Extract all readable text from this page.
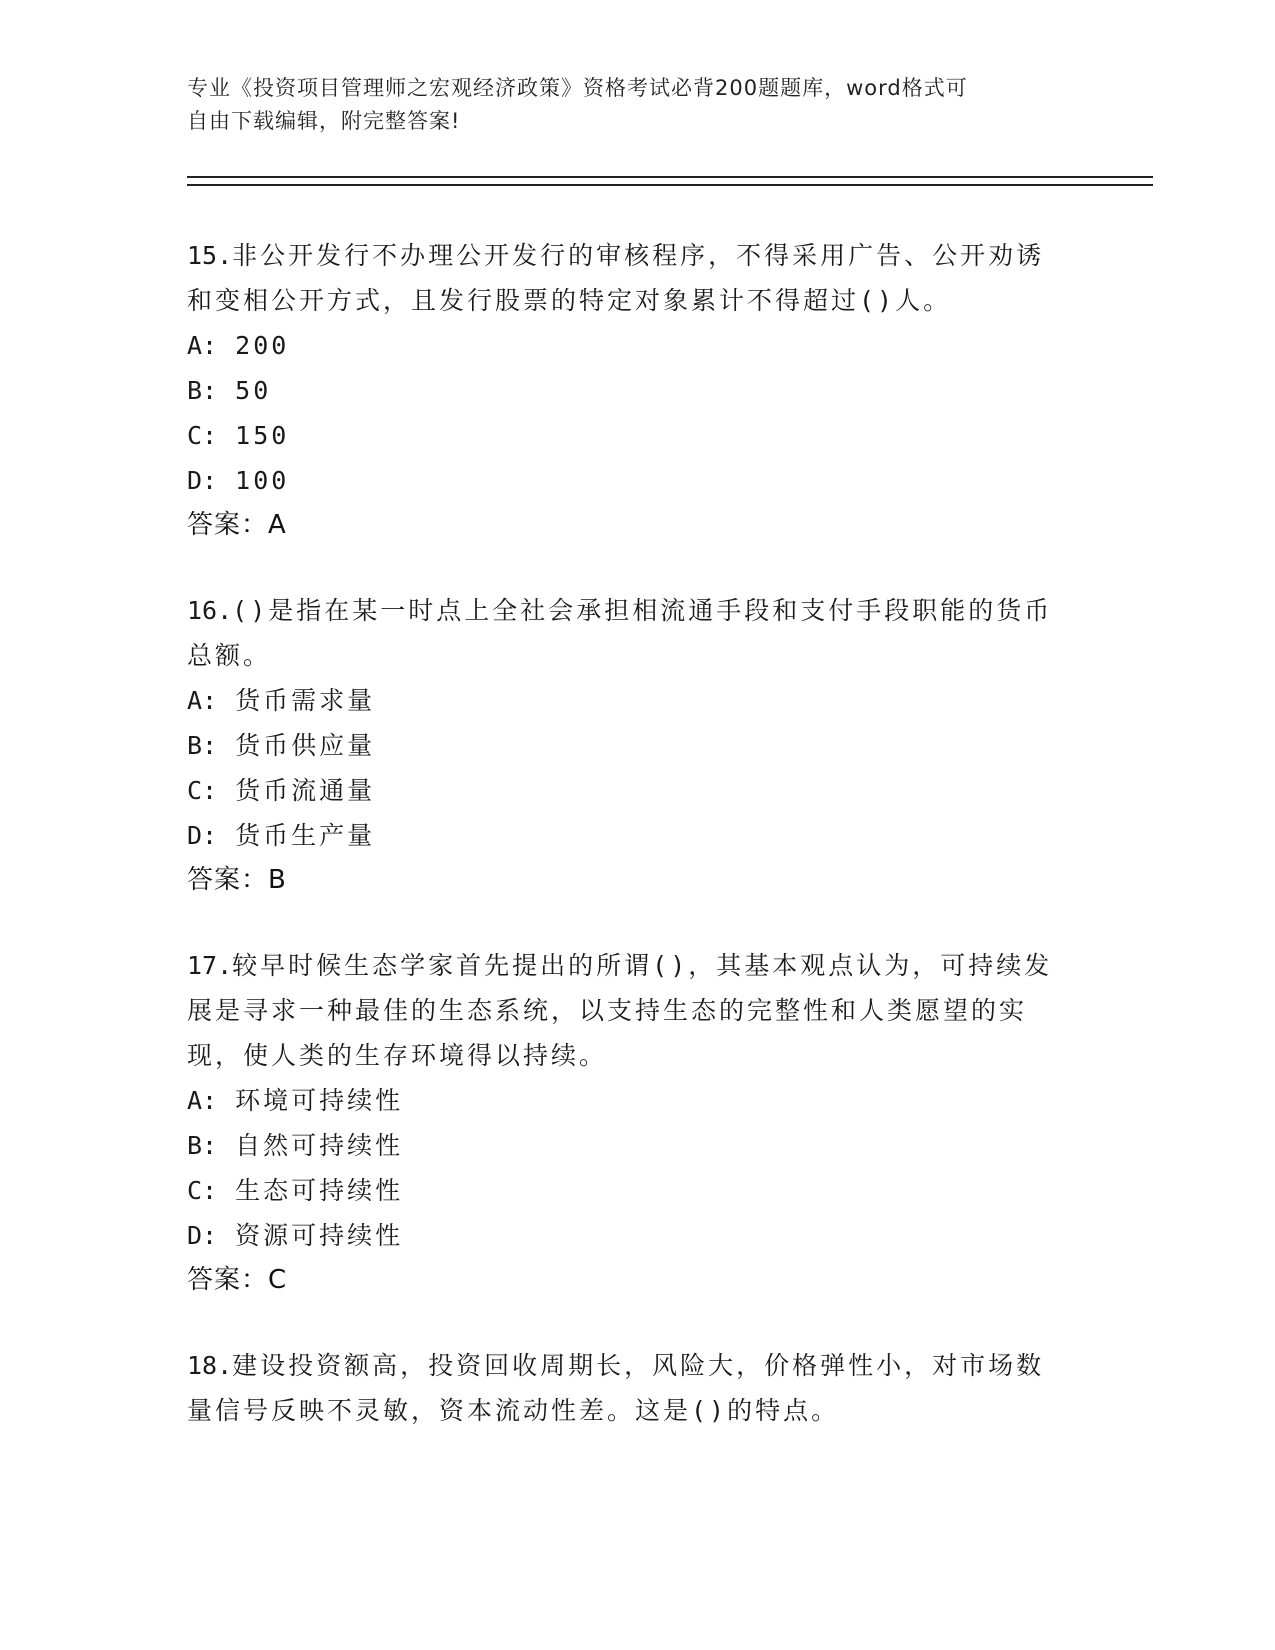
专业《投资项目管理师之宏观经济政策》资格考试必背200题题库，word格式可
自由下载编辑，附完整答案!
15.非公开发行不办理公开发行的审核程序，不得采用广告、公开劝诱和变相公开方式，且发行股票的特定对象累计不得超过()人。
A: 200
B: 50
C: 150
D: 100
答案：A
16.()是指在某一时点上全社会承担相流通手段和支付手段职能的货币总额。
A: 货币需求量
B: 货币供应量
C: 货币流通量
D: 货币生产量
答案：B
17.较早时候生态学家首先提出的所谓()，其基本观点认为，可持续发展是寻求一种最佳的生态系统，以支持生态的完整性和人类愿望的实现，使人类的生存环境得以持续。
A: 环境可持续性
B: 自然可持续性
C: 生态可持续性
D: 资源可持续性
答案：C
18.建设投资额高，投资回收周期长，风险大，价格弹性小，对市场数量信号反映不灵敏，资本流动性差。这是()的特点。
